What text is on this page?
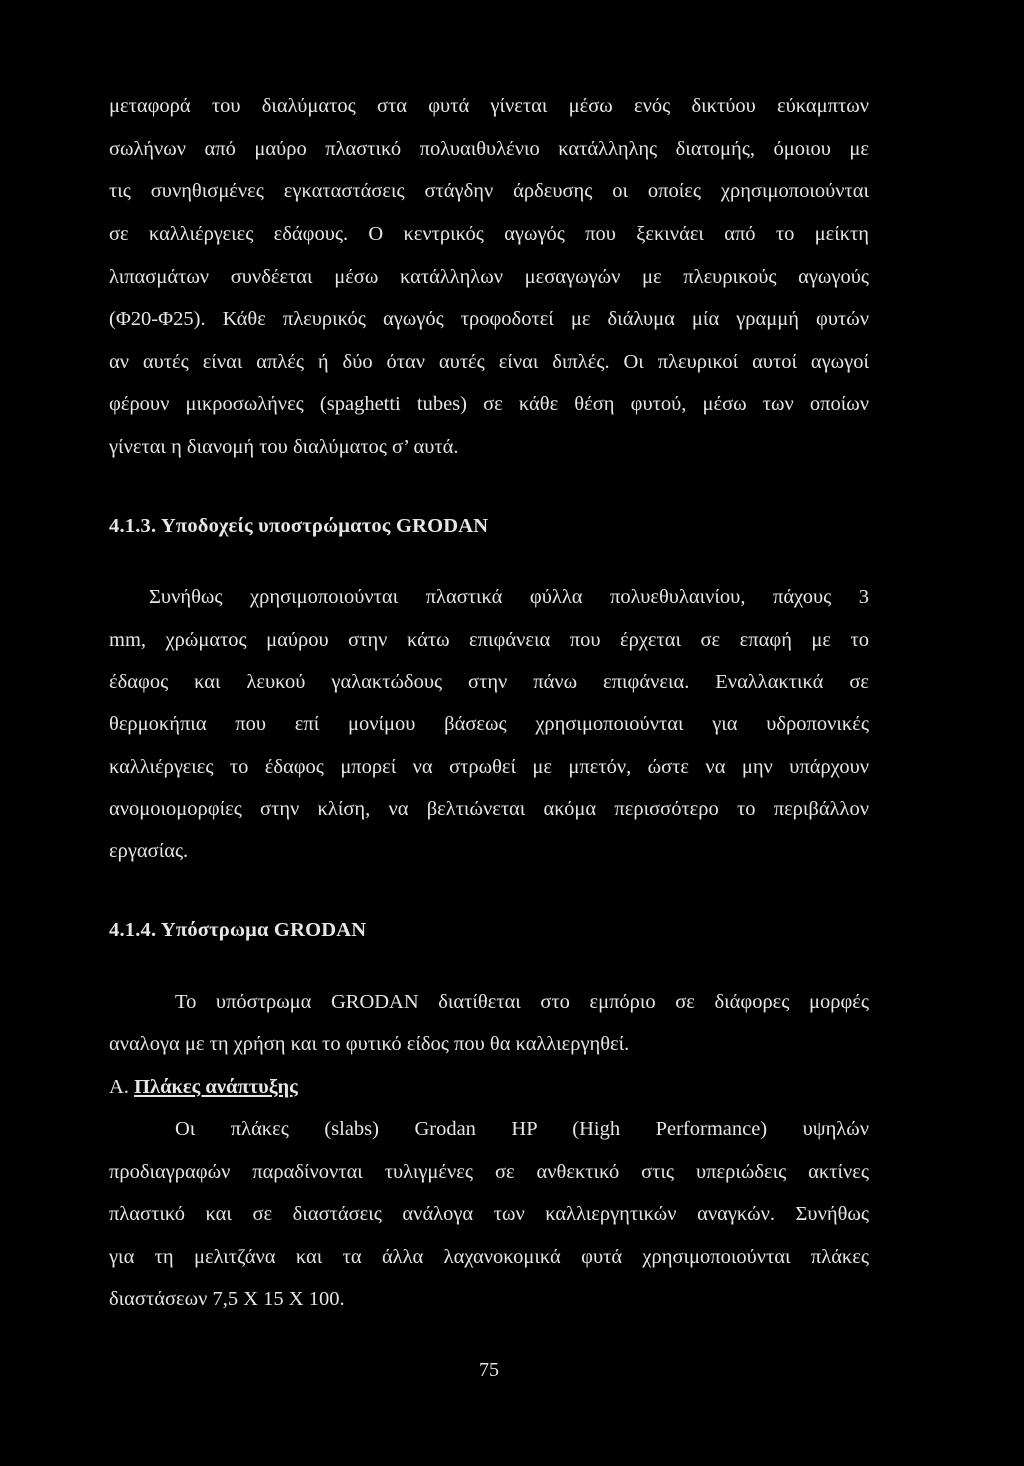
μεταφορά του διαλύματος στα φυτά γίνεται μέσω ενός δικτύου εύκαμπτων
σωλήνων από μαύρο πλαστικό πολυαιθυλένιο κατάλληλης διατομής, όμοιου με
τις συνηθισμένες εγκαταστάσεις στάγδην άρδευσης οι οποίες χρησιμοποιούνται
σε καλλιέργειες εδάφους. Ο κεντρικός αγωγός που ξεκινάει από το μείκτη
λιπασμάτων συνδέεται μέσω κατάλληλων μεσαγωγών με πλευρικούς αγωγούς
(Φ20-Φ25). Κάθε πλευρικός αγωγός τροφοδοτεί με διάλυμα μία γραμμή φυτών
αν αυτές είναι απλές ή δύο όταν αυτές είναι διπλές. Οι πλευρικοί αυτοί αγωγοί
φέρουν μικροσωλήνες (spaghetti tubes) σε κάθε θέση φυτού, μέσω των οποίων
γίνεται η διανομή του διαλύματος σ’ αυτά.
4.1.3. Υποδοχείς υποστρώματος GRODAN
Συνήθως χρησιμοποιούνται πλαστικά φύλλα πολυεθυλαινίου, πάχους 3
mm, χρώματος μαύρου στην κάτω επιφάνεια που έρχεται σε επαφή με το
έδαφος και λευκού γαλακτώδους στην πάνω επιφάνεια. Εναλλακτικά σε
θερμοκήπια που επί μονίμου βάσεως χρησιμοποιούνται για υδροπονικές
καλλιέργειες το έδαφος μπορεί να στρωθεί με μπετόν, ώστε να μην υπάρχουν
ανομοιομορφίες στην κλίση, να βελτιώνεται ακόμα περισσότερο το περιβάλλον
εργασίας.
4.1.4. Υπόστρωμα GRODAN
Το υπόστρωμα GRODAN διατίθεται στο εμπόριο σε διάφορες μορφές
αναλογα με τη χρήση και το φυτικό είδος που θα καλλιεργηθεί.
Α. Πλάκες ανάπτυξης
Οι πλάκες (slabs) Grodan HP (High Performance) υψηλών
προδιαγραφών παραδίνονται τυλιγμένες σε ανθεκτικό στις υπεριώδεις ακτίνες
πλαστικό και σε διαστάσεις ανάλογα των καλλιεργητικών αναγκών. Συνήθως
για τη μελιτζάνα και τα άλλα λαχανοκομικά φυτά χρησιμοποιούνται πλάκες
διαστάσεων 7,5 Χ 15 Χ 100.
75
